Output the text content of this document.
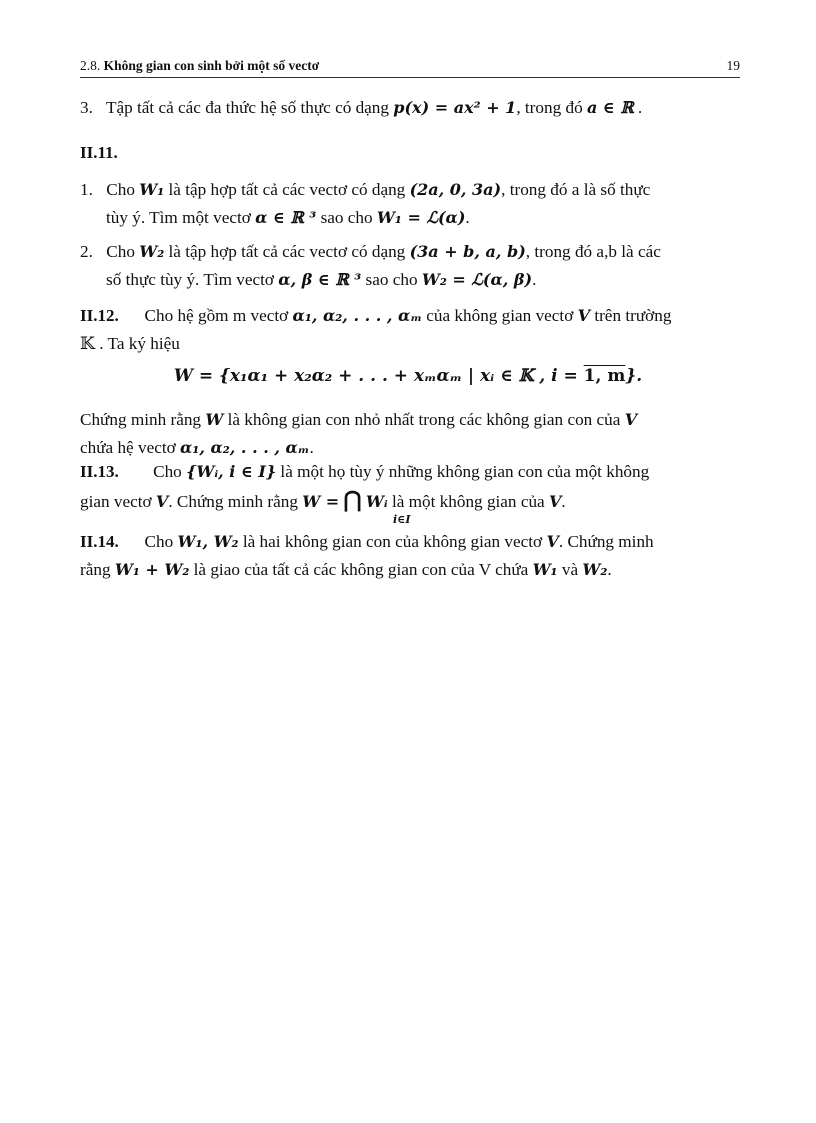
2.8. Không gian con sinh bởi một số vectơ	19
3. Tập tất cả các đa thức hệ số thực có dạng p(x) = ax² + 1, trong đó a ∈ ℝ .
II.11.
1. Cho W₁ là tập hợp tất cả các vectơ có dạng (2a, 0, 3a), trong đó a là số thực
tùy ý. Tìm một vectơ α ∈ ℝ ³ sao cho W₁ = ℒ(α).
2. Cho W₂ là tập hợp tất cả các vectơ có dạng (3a + b, a, b), trong đó a,b là các
số thực tùy ý. Tìm vectơ α, β ∈ ℝ ³ sao cho W₂ = ℒ(α, β).
II.12. Cho hệ gồm m vectơ α₁, α₂, . . . , αₘ của không gian vectơ V trên trường
𝕂 . Ta ký hiệu
W = {x₁α₁ + x₂α₂ + . . . + xₘαₘ | xᵢ ∈ 𝕂 , i = 1, m}.
Chứng minh rằng W là không gian con nhỏ nhất trong các không gian con của V
chứa hệ vectơ α₁, α₂, . . . , αₘ.
II.13. Cho {Wᵢ, i ∈ I} là một họ tùy ý những không gian con của một không
gian vectơ V. Chứng minh rằng W = ⋂ Wᵢ là một không gian của V.
i∈I
II.14. Cho W₁, W₂ là hai không gian con của không gian vectơ V. Chứng minh
rằng W₁ + W₂ là giao của tất cả các không gian con của V chứa W₁ và W₂.
